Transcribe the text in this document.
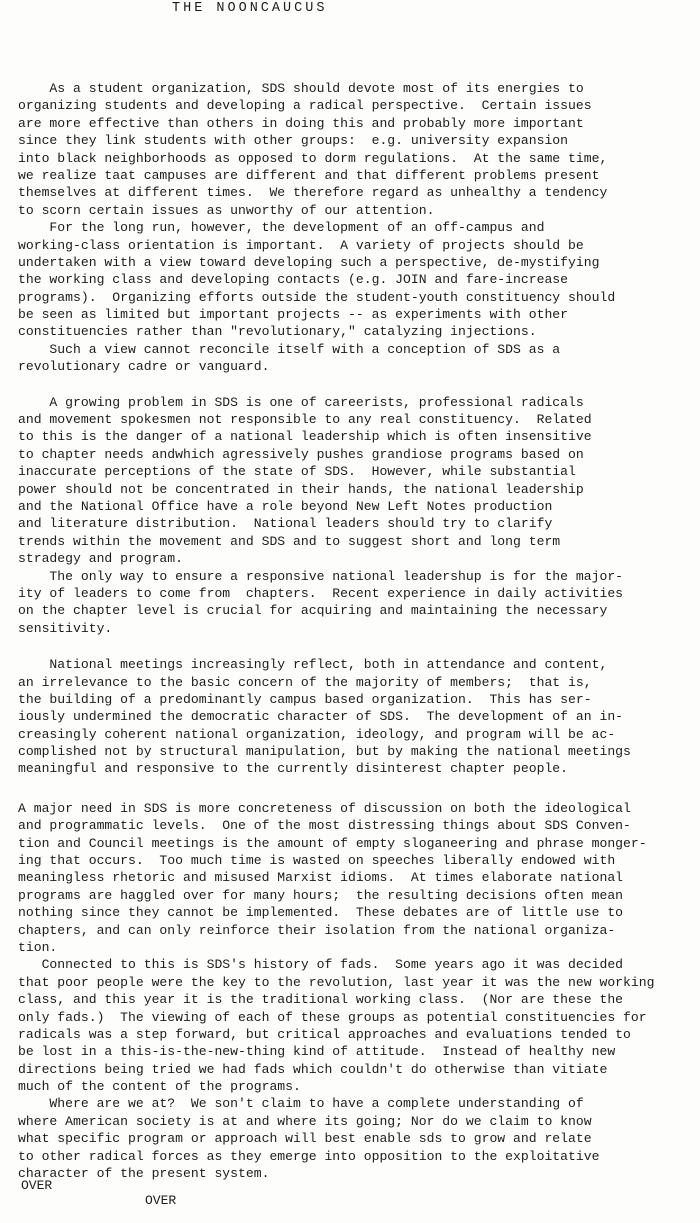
THE NOONCAUCUS
As a student organization, SDS should devote most of its energies to
organizing students and developing a radical perspective.  Certain issues
are more effective than others in doing this and probably more important
since they link students with other groups:  e.g. university expansion
into black neighborhoods as opposed to dorm regulations.  At the same time,
we realize taat campuses are different and that different problems present
themselves at different times.  We therefore regard as unhealthy a tendency
to scorn certain issues as unworthy of our attention.
For the long run, however, the development of an off-campus and
working-class orientation is important.  A variety of projects should be
undertaken with a view toward developing such a perspective, de-mystifying
the working class and developing contacts (e.g. JOIN and fare-increase
programs).  Organizing efforts outside the student-youth constituency should
be seen as limited but important projects -- as experiments with other
constituencies rather than "revolutionary," catalyzing injections.
Such a view cannot reconcile itself with a conception of SDS as a
revolutionary cadre or vanguard.
A growing problem in SDS is one of careerists, professional radicals
and movement spokesmen not responsible to any real constituency.  Related
to this is the danger of a national leadership which is often insensitive
to chapter needs andwhich agressively pushes grandiose programs based on
inaccurate perceptions of the state of SDS.  However, while substantial
power should not be concentrated in their hands, the national leadership
and the National Office have a role beyond New Left Notes production
and literature distribution.  National leaders should try to clarify
trends within the movement and SDS and to suggest short and long term
stradegy and program.
The only way to ensure a responsive national leadershup is for the major-
ity of leaders to come from  chapters.  Recent experience in daily activities
on the chapter level is crucial for acquiring and maintaining the necessary
sensitivity.
National meetings increasingly reflect, both in attendance and content,
an irrelevance to the basic concern of the majority of members;  that is,
the building of a predominantly campus based organization.  This has ser-
iously undermined the democratic character of SDS.  The development of an in-
creasingly coherent national organization, ideology, and program will be ac-
complished not by structural manipulation, but by making the national meetings
meaningful and responsive to the currently disinterest chapter people.
A major need in SDS is more concreteness of discussion on both the ideological
and programmatic levels.  One of the most distressing things about SDS Conven-
tion and Council meetings is the amount of empty sloganeering and phrase monger-
ing that occurs.  Too much time is wasted on speeches liberally endowed with
meaningless rhetoric and misused Marxist idioms.  At times elaborate national
programs are haggled over for many hours;  the resulting decisions often mean
nothing since they cannot be implemented.  These debates are of little use to
chapters, and can only reinforce their isolation from the national organiza-
tion.
Connected to this is SDS's history of fads.  Some years ago it was decided
that poor people were the key to the revolution, last year it was the new working
class, and this year it is the traditional working class.  (Nor are these the
only fads.)  The viewing of each of these groups as potential constituencies for
radicals was a step forward, but critical approaches and evaluations tended to
be lost in a this-is-the-new-thing kind of attitude.  Instead of healthy new
directions being tried we had fads which couldn't do otherwise than vitiate
much of the content of the programs.
Where are we at?  We son't claim to have a complete understanding of
where American society is at and where its going; Nor do we claim to know
what specific program or approach will best enable sds to grow and relate
to other radical forces as they emerge into opposition to the exploitative
character of the present system.

OVER

OVER
